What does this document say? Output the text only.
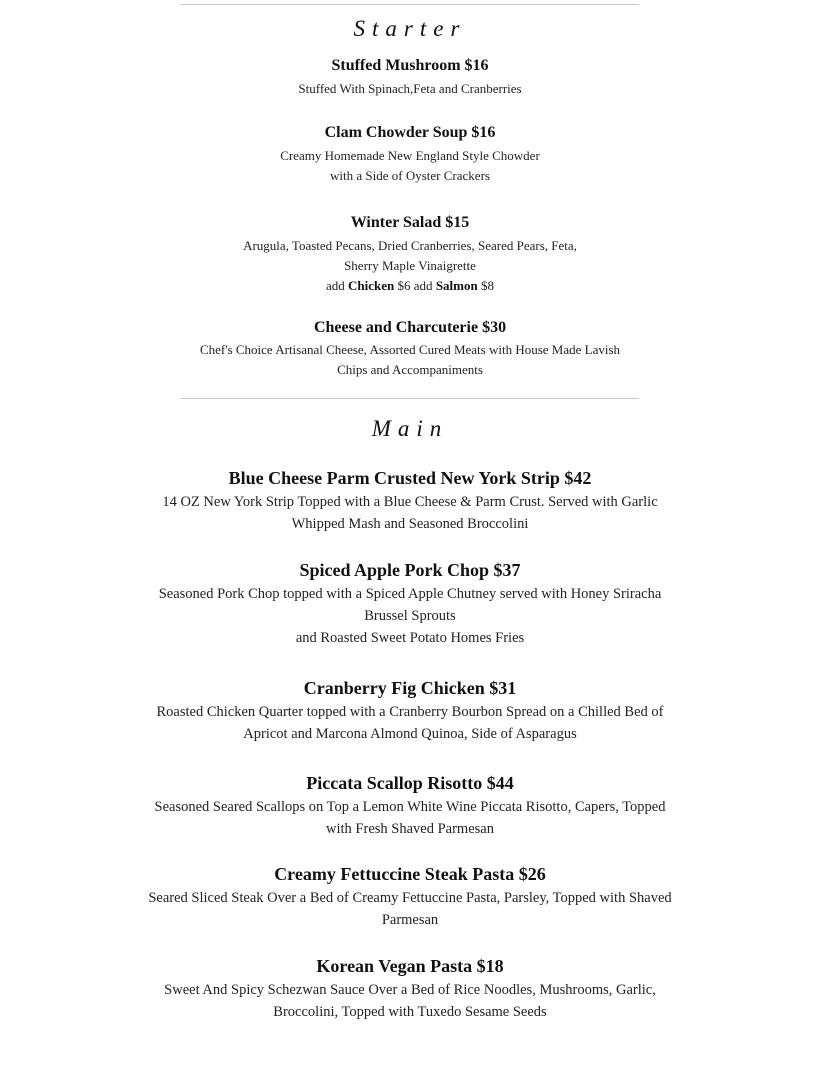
Starter
Stuffed Mushroom $16
Stuffed With Spinach,Feta and Cranberries
Clam Chowder Soup $16
Creamy Homemade New England Style Chowder
with a Side of Oyster Crackers
Winter Salad $15
Arugula, Toasted Pecans, Dried Cranberries, Seared Pears, Feta,
Sherry Maple Vinaigrette
add Chicken $6 add Salmon $8
Cheese and Charcuterie $30
Chef's Choice Artisanal Cheese, Assorted Cured Meats with House Made Lavish
Chips and Accompaniments
Main
Blue Cheese Parm Crusted New York Strip $42
14 OZ New York Strip Topped with a Blue Cheese & Parm Crust. Served with Garlic
Whipped Mash and Seasoned Broccolini
Spiced Apple Pork Chop $37
Seasoned Pork Chop topped with a Spiced Apple Chutney served with Honey Sriracha
Brussel Sprouts
and Roasted Sweet Potato Homes Fries
Cranberry Fig Chicken $31
Roasted Chicken Quarter topped with a Cranberry Bourbon Spread on a Chilled Bed of
Apricot and Marcona Almond Quinoa, Side of Asparagus
Piccata Scallop Risotto $44
Seasoned Seared Scallops on Top a Lemon White Wine Piccata Risotto, Capers, Topped
with Fresh Shaved Parmesan
Creamy Fettuccine Steak Pasta $26
Seared Sliced Steak Over a Bed of Creamy Fettuccine Pasta, Parsley, Topped with Shaved
Parmesan
Korean Vegan Pasta $18
Sweet And Spicy Schezwan Sauce Over a Bed of Rice Noodles, Mushrooms, Garlic,
Broccolini, Topped with Tuxedo Sesame Seeds
